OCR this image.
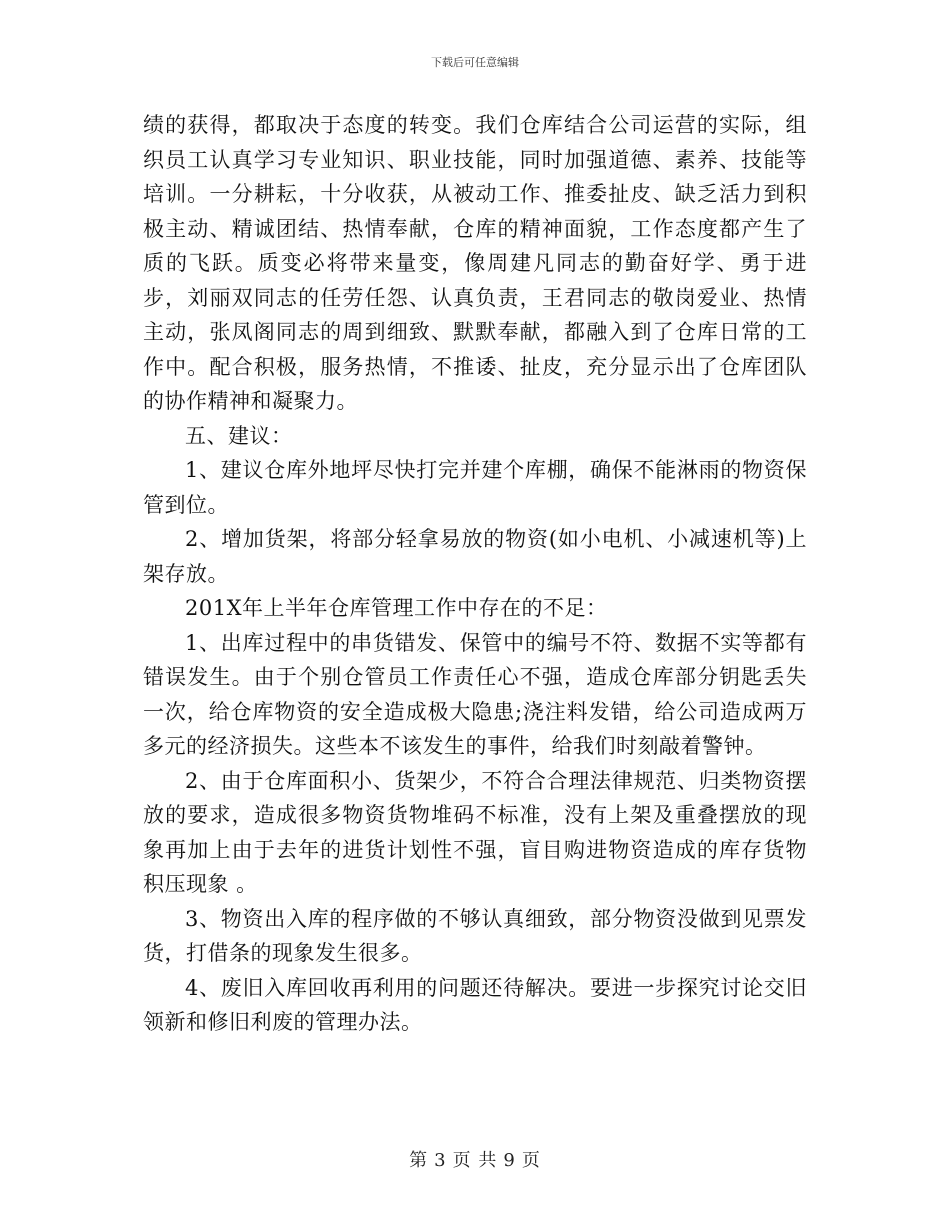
下载后可任意编辑

绩的获得，都取决于态度的转变。我们仓库结合公司运营的实际，组织员工认真学习专业知识、职业技能，同时加强道德、素养、技能等培训。一分耕耘，十分收获，从被动工作、推委扯皮、缺乏活力到积极主动、精诚团结、热情奉献，仓库的精神面貌，工作态度都产生了质的飞跃。质变必将带来量变，像周建凡同志的勤奋好学、勇于进步，刘丽双同志的任劳任怨、认真负责，王君同志的敬岗爱业、热情主动，张凤阁同志的周到细致、默默奉献，都融入到了仓库日常的工作中。配合积极，服务热情，不推诿、扯皮，充分显示出了仓库团队的协作精神和凝聚力。

五、建议：

1、建议仓库外地坪尽快打完并建个库棚，确保不能淋雨的物资保管到位。

2、增加货架，将部分轻拿易放的物资(如小电机、小减速机等)上架存放。

201X年上半年仓库管理工作中存在的不足：

1、出库过程中的串货错发、保管中的编号不符、数据不实等都有错误发生。由于个别仓管员工作责任心不强，造成仓库部分钥匙丢失一次，给仓库物资的安全造成极大隐患;浇注料发错，给公司造成两万多元的经济损失。这些本不该发生的事件，给我们时刻敲着警钟。

2、由于仓库面积小、货架少，不符合合理法律规范、归类物资摆放的要求，造成很多物资货物堆码不标准，没有上架及重叠摆放的现象再加上由于去年的进货计划性不强，盲目购进物资造成的库存货物积压现象 。

3、物资出入库的程序做的不够认真细致，部分物资没做到见票发货，打借条的现象发生很多。

4、废旧入库回收再利用的问题还待解决。要进一步探究讨论交旧领新和修旧利废的管理办法。

第 3 页 共 9 页
